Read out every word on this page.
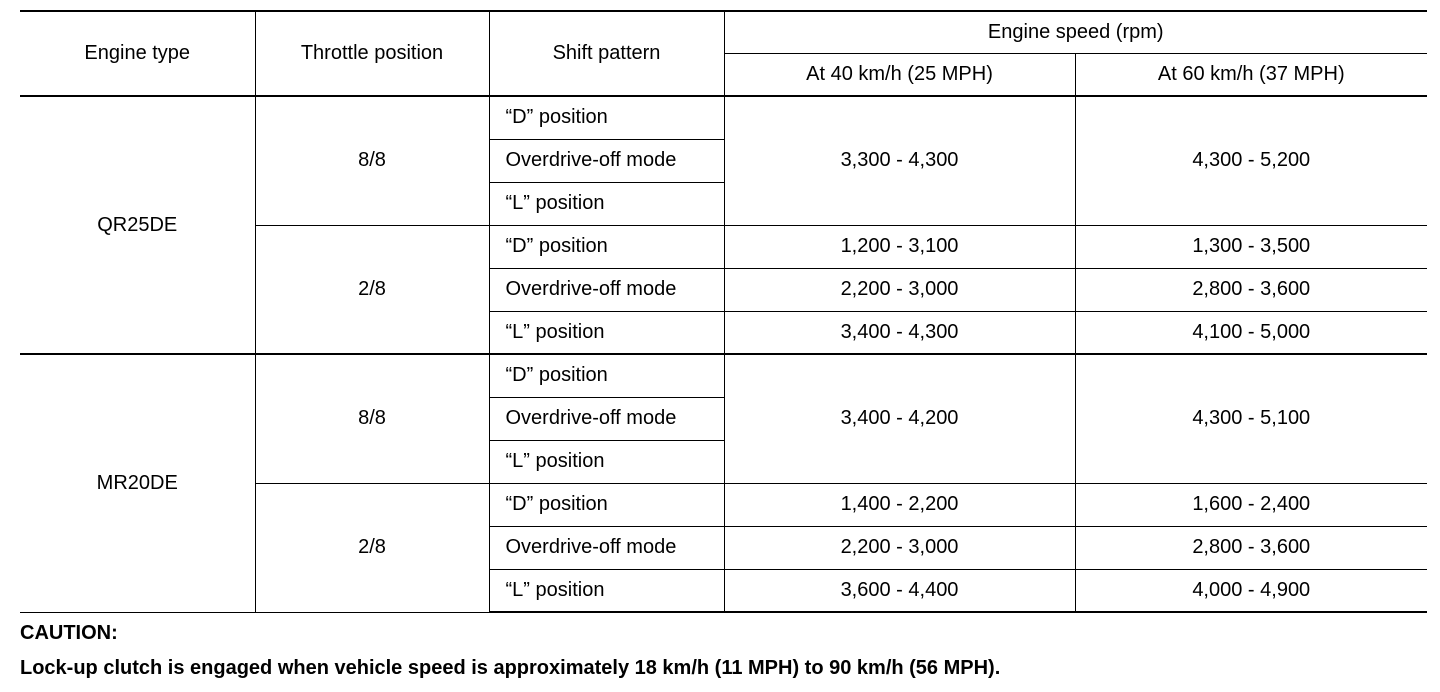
Engine type	Throttle position	Shift pattern	Engine speed (rpm)	
			At 40 km/h (25 MPH)	At 60 km/h (37 MPH)
QR25DE	8/8	“D” position	3,300 - 4,300	4,300 - 5,200
		Overdrive-off mode		
		“L” position		
	2/8	“D” position	1,200 - 3,100	1,300 - 3,500
		Overdrive-off mode	2,200 - 3,000	2,800 - 3,600
		“L” position	3,400 - 4,300	4,100 - 5,000
MR20DE	8/8	“D” position	3,400 - 4,200	4,300 - 5,100
		Overdrive-off mode		
		“L” position		
	2/8	“D” position	1,400 - 2,200	1,600 - 2,400
		Overdrive-off mode	2,200 - 3,000	2,800 - 3,600
		“L” position	3,600 - 4,400	4,000 - 4,900
CAUTION:
Lock-up clutch is engaged when vehicle speed is approximately 18 km/h (11 MPH) to 90 km/h (56 MPH).
